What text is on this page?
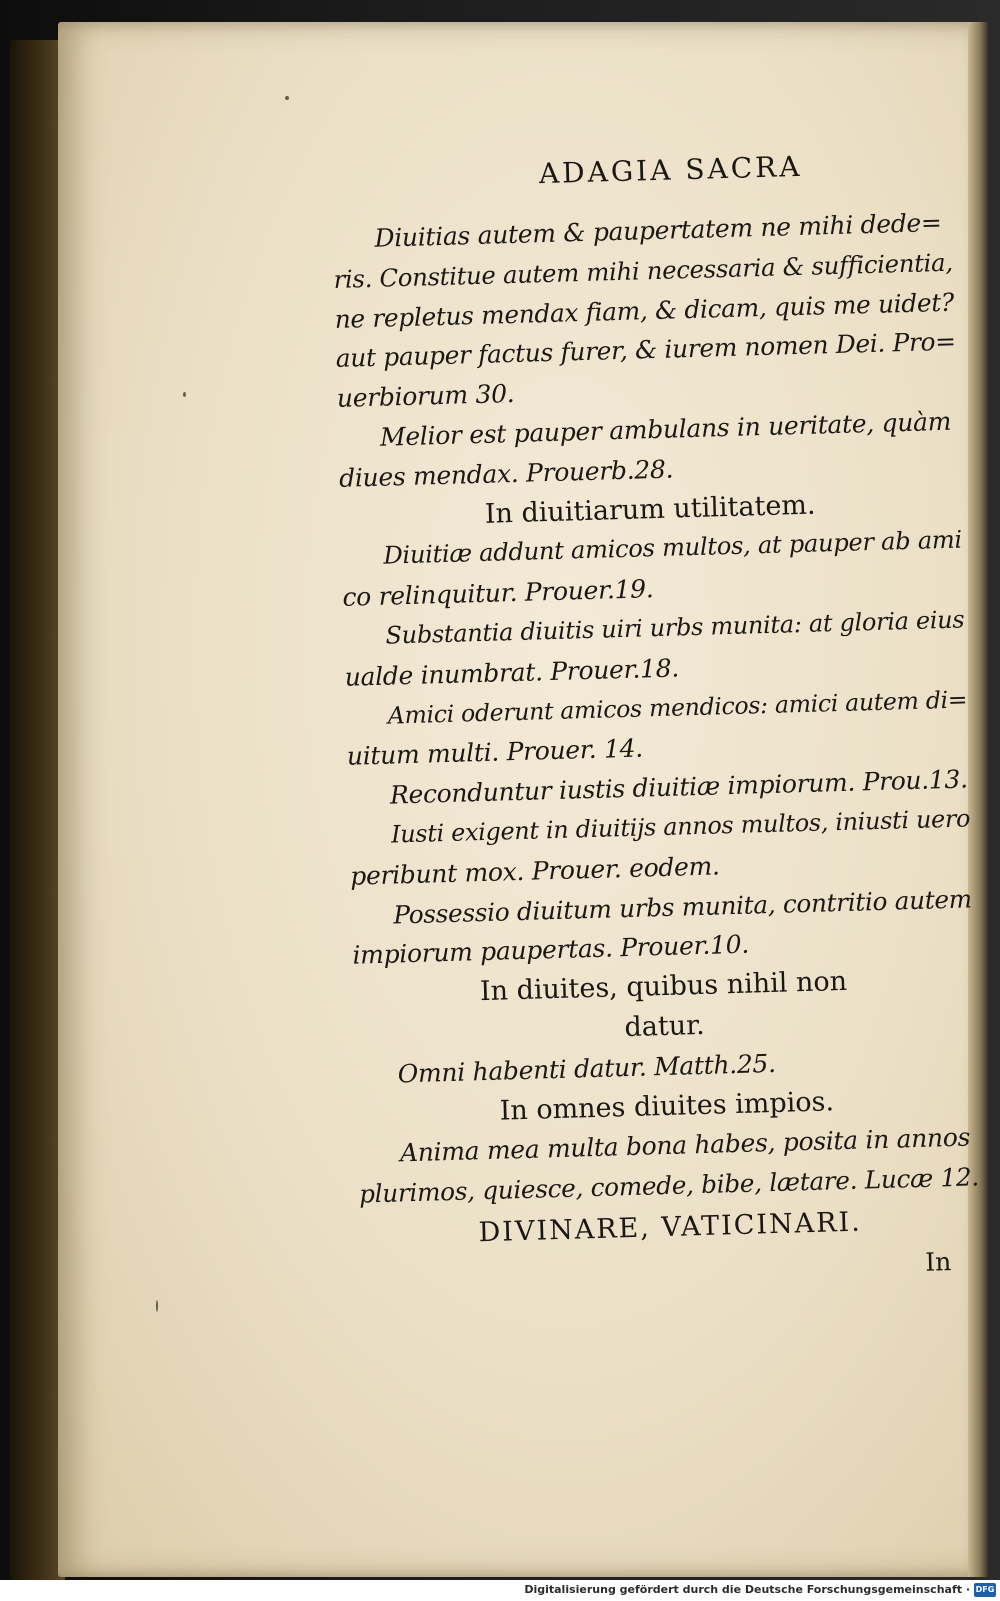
ADAGIA SACRA
Diuitias autem & paupertatem ne mihi dede=
ris. Constitue autem mihi necessaria & sufficientia,
ne repletus mendax fiam, & dicam, quis me uidet?
aut pauper factus furer, & iurem nomen Dei. Pro=
uerbiorum 30.
Melior est pauper ambulans in ueritate, quàm
diues mendax. Prouerb.28.
In diuitiarum utilitatem.
Diuitiæ addunt amicos multos, at pauper ab ami
co relinquitur. Prouer.19.
Substantia diuitis uiri urbs munita: at gloria eius
ualde inumbrat. Prouer.18.
Amici oderunt amicos mendicos: amici autem di=
uitum multi. Prouer. 14.
Reconduntur iustis diuitiæ impiorum. Prou.13.
Iusti exigent in diuitijs annos multos, iniusti uero
peribunt mox. Prouer. eodem.
Possessio diuitum urbs munita, contritio autem
impiorum paupertas. Prouer.10.
In diuites, quibus nihil non
datur.
Omni habenti datur. Matth.25.
In omnes diuites impios.
Anima mea multa bona habes, posita in annos
plurimos, quiesce, comede, bibe, lætare. Lucæ 12.
DIVINARE, VATICINARI.
In
Digitalisierung gefördert durch die Deutsche Forschungsgemeinschaft · DFG
